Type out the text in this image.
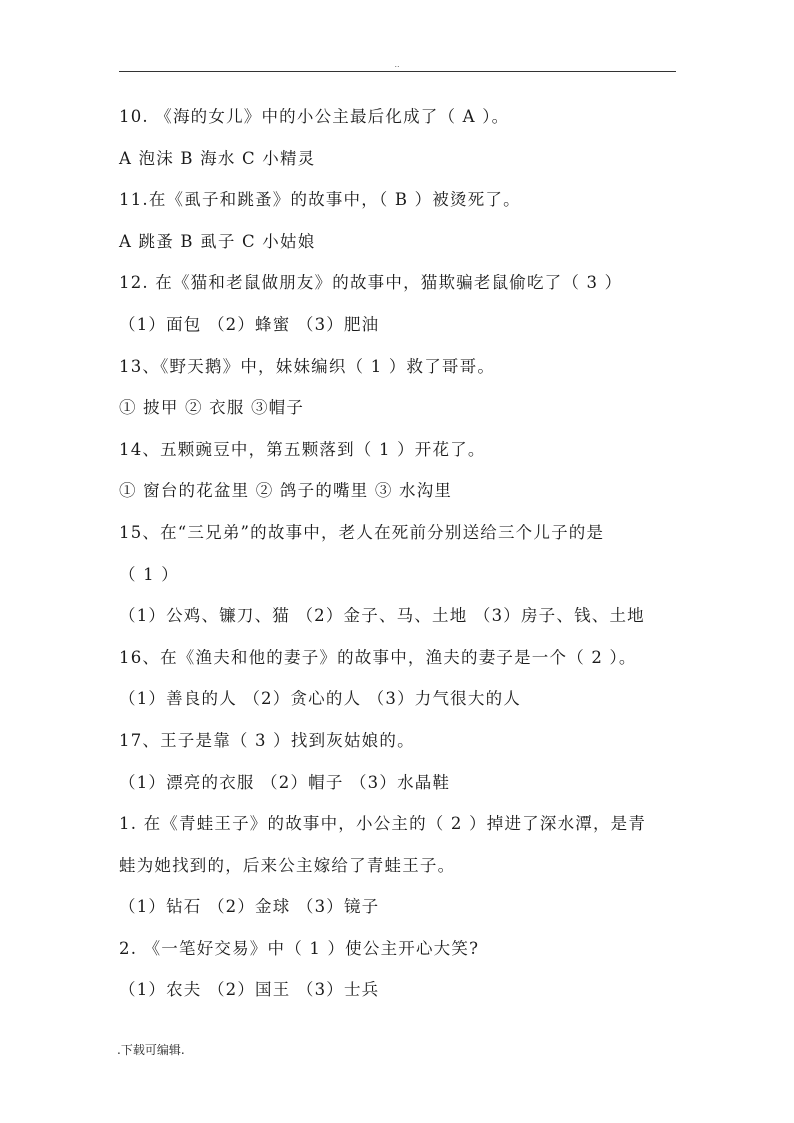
..
10. 《海的女儿》中的小公主最后化成了（ A ）。
A 泡沫 B 海水 C 小精灵
11.在《虱子和跳蚤》的故事中，（ B ）被烫死了。
A 跳蚤 B 虱子 C 小姑娘
12. 在《猫和老鼠做朋友》的故事中，猫欺骗老鼠偷吃了（ 3 ）
（1）面包 （2）蜂蜜 （3）肥油
13、《野天鹅》中，妹妹编织（ 1 ）救了哥哥。
① 披甲 ② 衣服 ③帽子
14、五颗豌豆中，第五颗落到（ 1 ）开花了。
① 窗台的花盆里 ② 鸽子的嘴里 ③ 水沟里
15、在“三兄弟”的故事中，老人在死前分别送给三个儿子的是
（ 1 ）
（1）公鸡、镰刀、猫 （2）金子、马、土地 （3）房子、钱、土地
16、在《渔夫和他的妻子》的故事中，渔夫的妻子是一个（ 2 ）。
（1）善良的人 （2）贪心的人 （3）力气很大的人
17、王子是靠（ 3 ）找到灰姑娘的。
（1）漂亮的衣服 （2）帽子 （3）水晶鞋
1. 在《青蛙王子》的故事中，小公主的（ 2 ）掉进了深水潭，是青
蛙为她找到的，后来公主嫁给了青蛙王子。
（1）钻石 （2）金球 （3）镜子
2. 《一笔好交易》中（ 1 ）使公主开心大笑?
（1）农夫 （2）国王 （3）士兵
.下载可编辑.
